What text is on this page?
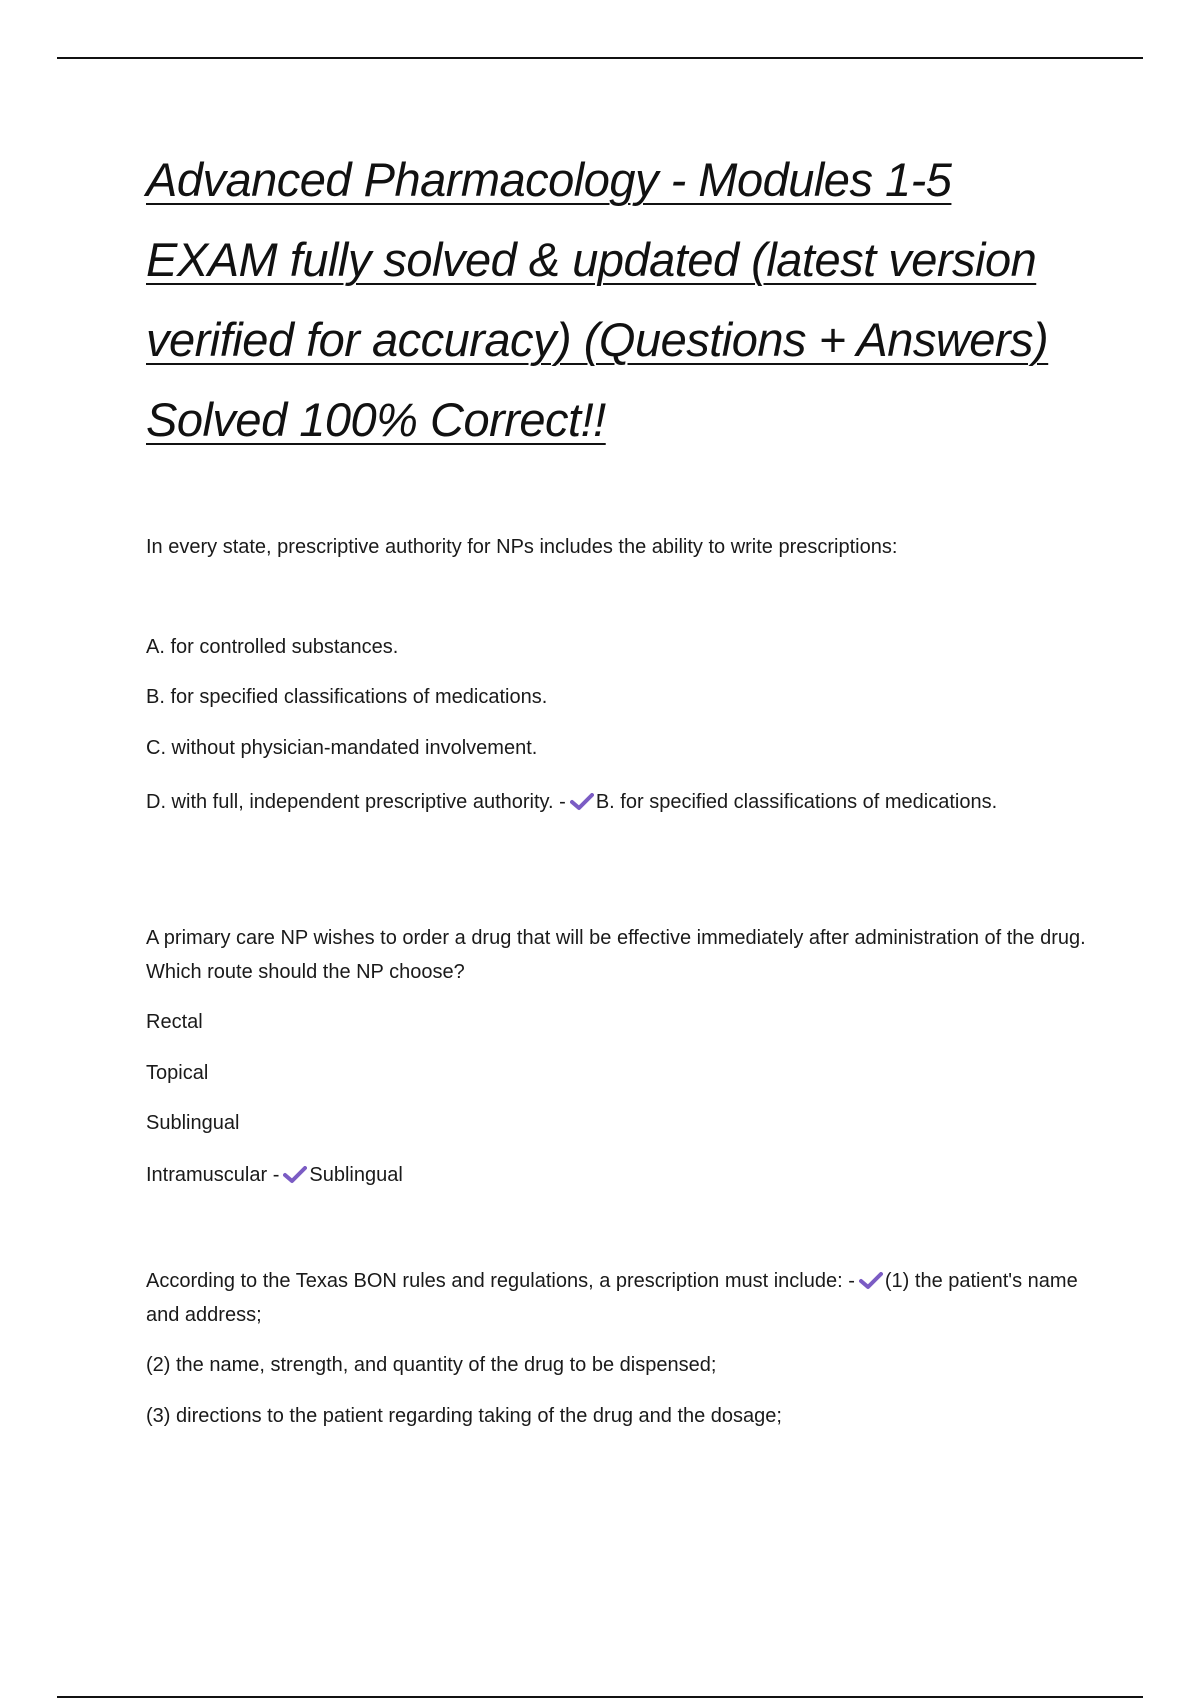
Advanced Pharmacology - Modules 1-5 EXAM fully solved & updated (latest version verified for accuracy) (Questions + Answers) Solved 100% Correct!!

In every state, prescriptive authority for NPs includes the ability to write prescriptions:

A. for controlled substances.

B. for specified classifications of medications.

C. without physician-mandated involvement.

D. with full, independent prescriptive authority. - B. for specified classifications of medications.

A primary care NP wishes to order a drug that will be effective immediately after administration of the drug. Which route should the NP choose?

Rectal

Topical

Sublingual

Intramuscular - Sublingual

According to the Texas BON rules and regulations, a prescription must include: - (1) the patient's name and address;

(2) the name, strength, and quantity of the drug to be dispensed;

(3) directions to the patient regarding taking of the drug and the dosage;
